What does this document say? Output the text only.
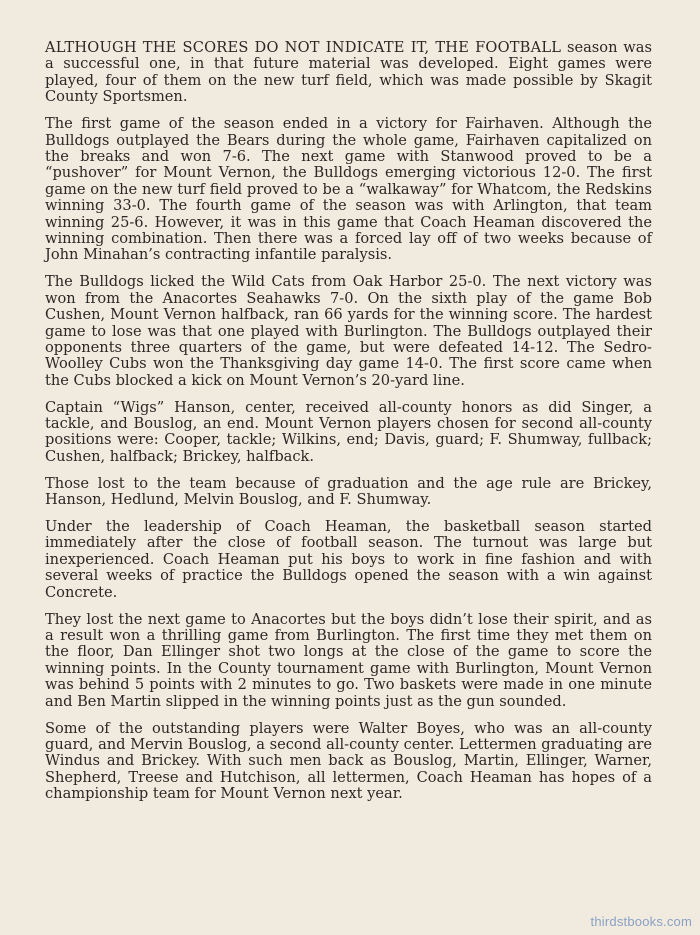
ALTHOUGH THE SCORES DO NOT INDICATE IT, THE FOOTBALL season was a successful one, in that future material was developed. Eight games were played, four of them on the new turf field, which was made possible by Skagit County Sportsmen.

The first game of the season ended in a victory for Fairhaven. Although the Bulldogs outplayed the Bears during the whole game, Fairhaven capitalized on the breaks and won 7-6. The next game with Stanwood proved to be a “pushover” for Mount Vernon, the Bulldogs emerging victorious 12-0. The first game on the new turf field proved to be a “walkaway” for Whatcom, the Redskins winning 33-0. The fourth game of the season was with Arlington, that team winning 25-6. However, it was in this game that Coach Heaman discovered the winning combination. Then there was a forced lay off of two weeks because of John Minahan’s contracting infantile paralysis.

The Bulldogs licked the Wild Cats from Oak Harbor 25-0. The next victory was won from the Anacortes Seahawks 7-0. On the sixth play of the game Bob Cushen, Mount Vernon halfback, ran 66 yards for the winning score. The hardest game to lose was that one played with Burlington. The Bulldogs outplayed their opponents three quarters of the game, but were defeated 14-12. The Sedro-Woolley Cubs won the Thanksgiving day game 14-0. The first score came when the Cubs blocked a kick on Mount Vernon’s 20-yard line.

Captain “Wigs” Hanson, center, received all-county honors as did Singer, a tackle, and Bouslog, an end. Mount Vernon players chosen for second all-county positions were: Cooper, tackle; Wilkins, end; Davis, guard; F. Shumway, fullback; Cushen, halfback; Brickey, halfback.

Those lost to the team because of graduation and the age rule are Brickey, Hanson, Hedlund, Melvin Bouslog, and F. Shumway.

Under the leadership of Coach Heaman, the basketball season started immediately after the close of football season. The turnout was large but inexperienced. Coach Heaman put his boys to work in fine fashion and with several weeks of practice the Bulldogs opened the season with a win against Concrete.

They lost the next game to Anacortes but the boys didn’t lose their spirit, and as a result won a thrilling game from Burlington. The first time they met them on the floor, Dan Ellinger shot two longs at the close of the game to score the winning points. In the County tournament game with Burlington, Mount Vernon was behind 5 points with 2 minutes to go. Two baskets were made in one minute and Ben Martin slipped in the winning points just as the gun sounded.

Some of the outstanding players were Walter Boyes, who was an all-county guard, and Mervin Bouslog, a second all-county center. Lettermen graduating are Windus and Brickey. With such men back as Bouslog, Martin, Ellinger, Warner, Shepherd, Treese and Hutchison, all lettermen, Coach Heaman has hopes of a championship team for Mount Vernon next year.

thirdstbooks.com
